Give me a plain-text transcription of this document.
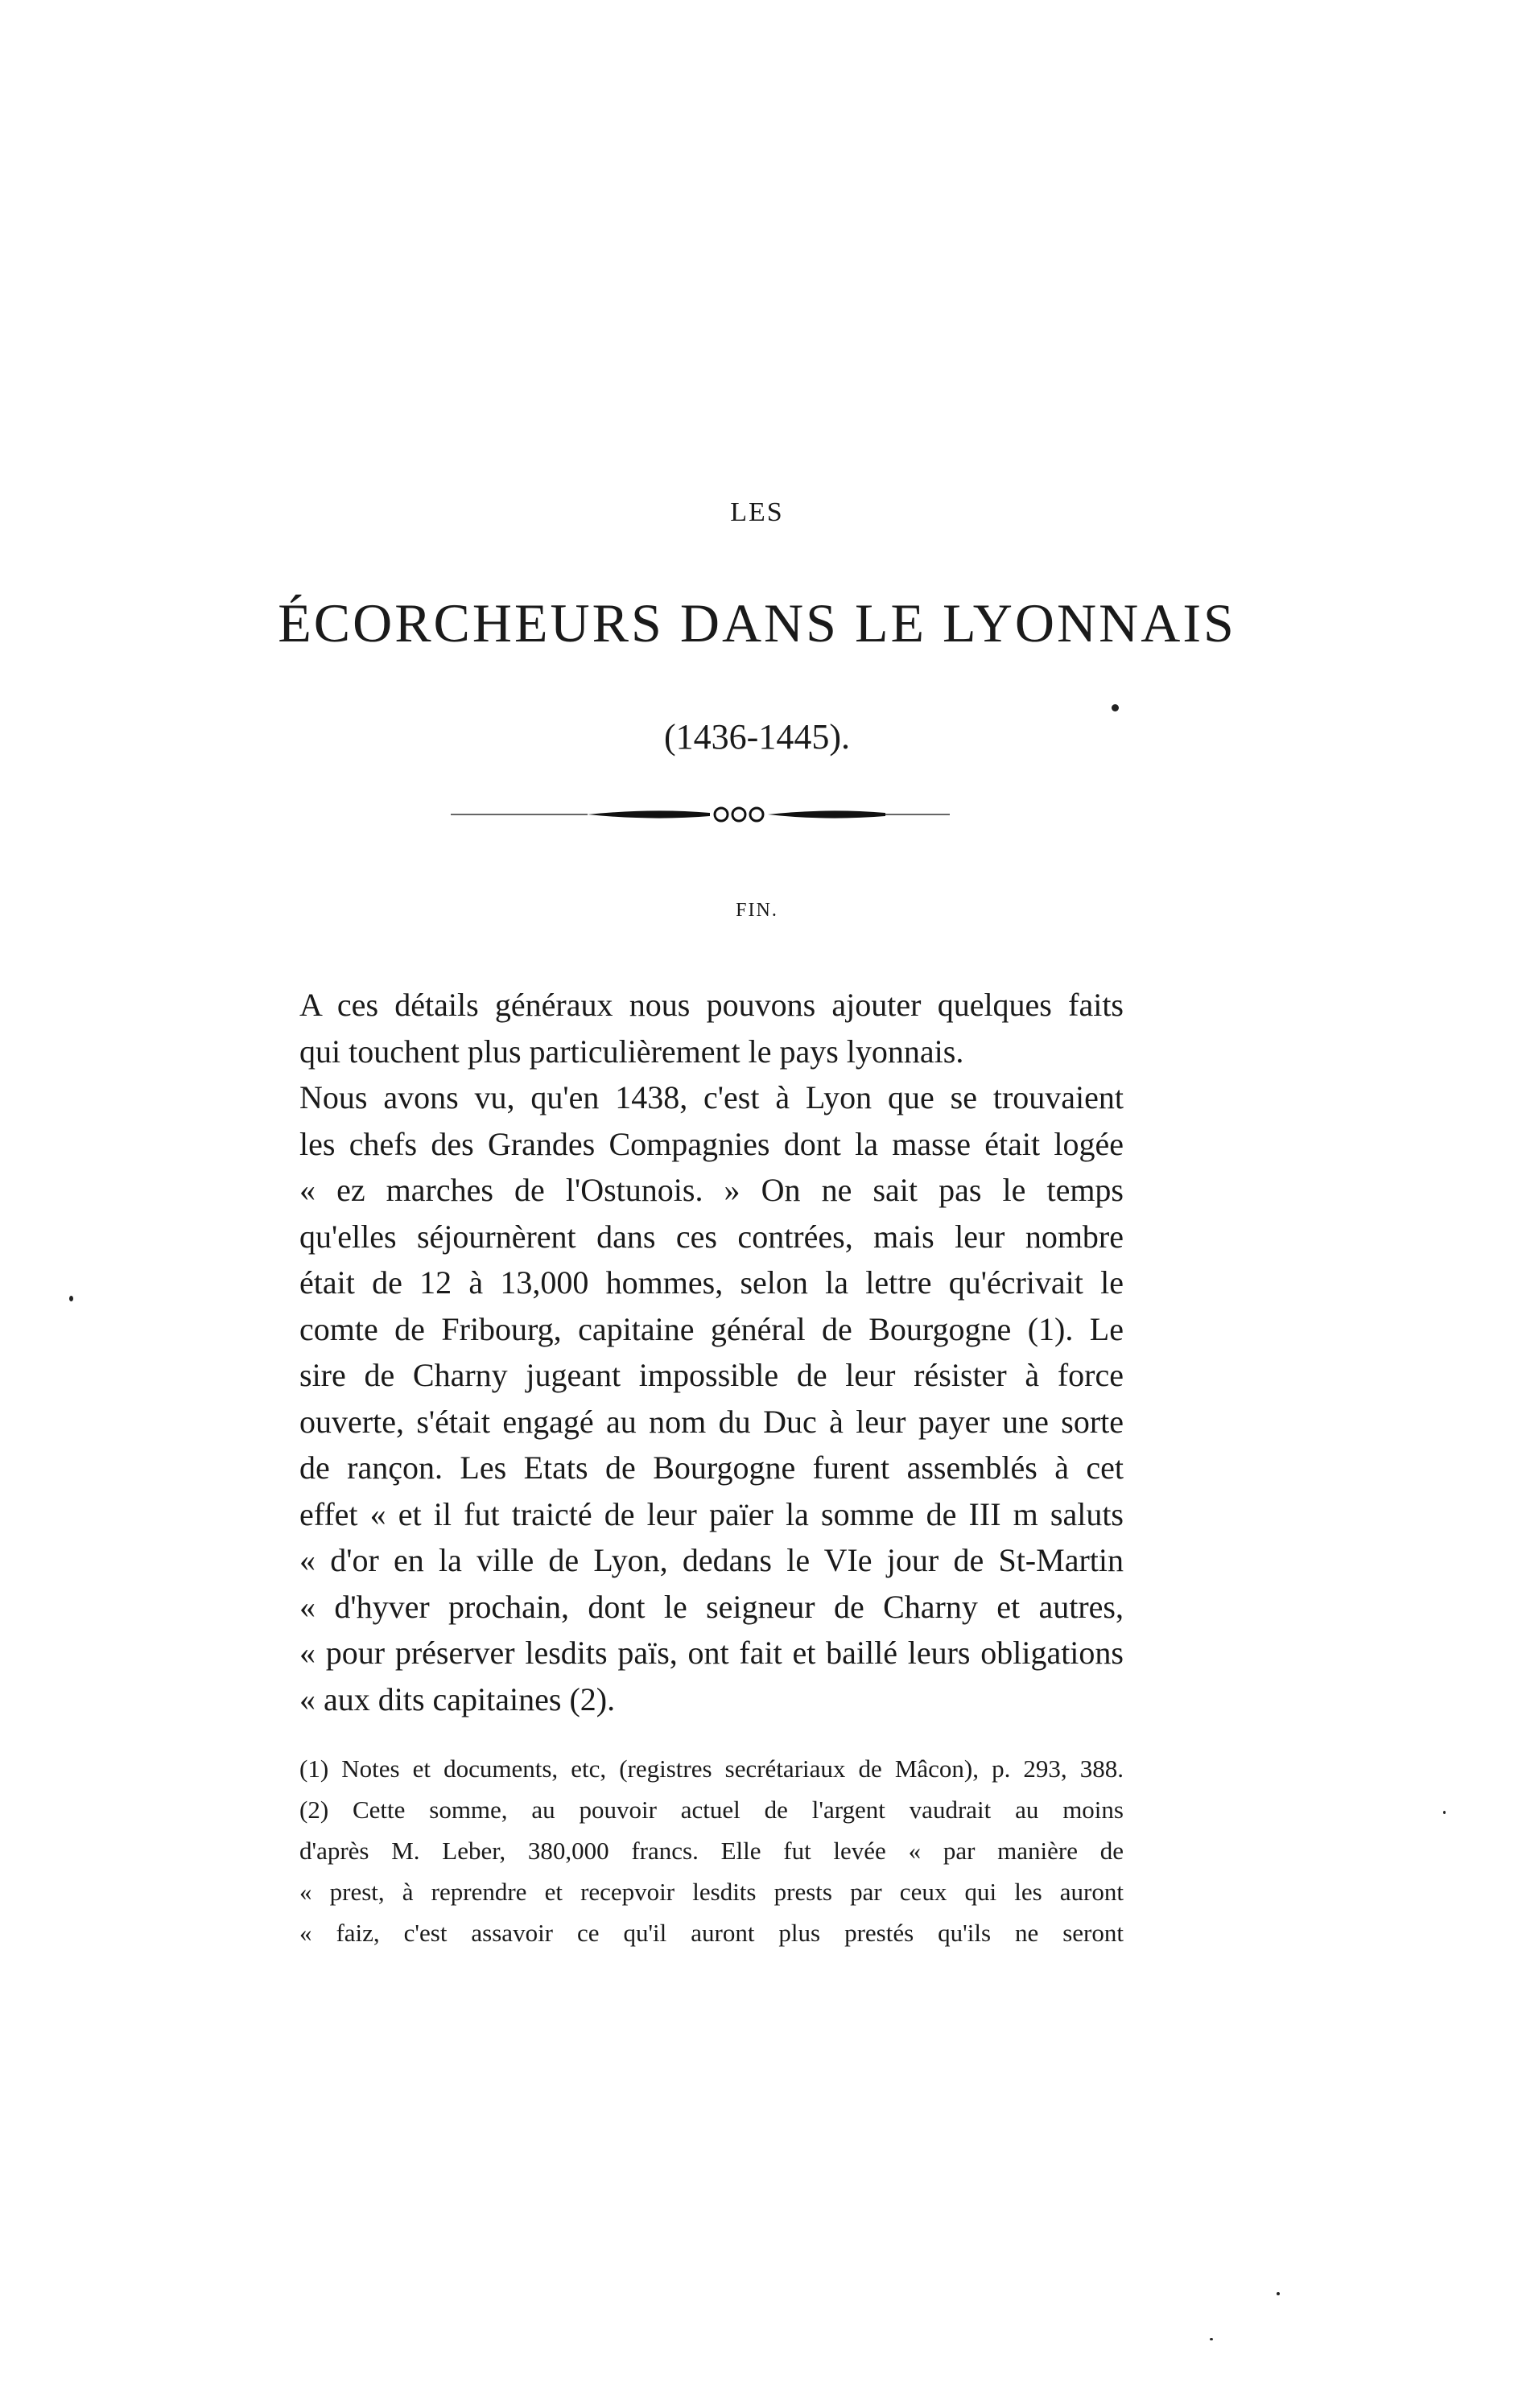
LES
ÉCORCHEURS DANS LE LYONNAIS
(1436-1445).
FIN.
A ces détails généraux nous pouvons ajouter quelques faits
qui touchent plus particulièrement le pays lyonnais.
Nous avons vu, qu'en 1438, c'est à Lyon que se trouvaient
les chefs des Grandes Compagnies dont la masse était logée
« ez marches de l'Ostunois. » On ne sait pas le temps
qu'elles séjournèrent dans ces contrées, mais leur nombre
était de 12 à 13,000 hommes, selon la lettre qu'écrivait le
comte de Fribourg, capitaine général de Bourgogne (1). Le
sire de Charny jugeant impossible de leur résister à force
ouverte, s'était engagé au nom du Duc à leur payer une sorte
de rançon. Les Etats de Bourgogne furent assemblés à cet
effet « et il fut traicté de leur païer la somme de III m saluts
« d'or en la ville de Lyon, dedans le VIe jour de St-Martin
« d'hyver prochain, dont le seigneur de Charny et autres,
« pour préserver lesdits païs, ont fait et baillé leurs obligations
« aux dits capitaines (2).
(1) Notes et documents, etc, (registres secrétariaux de Mâcon), p. 293, 388.
(2) Cette somme, au pouvoir actuel de l'argent vaudrait au moins
d'après M. Leber, 380,000 francs. Elle fut levée « par manière de
« prest, à reprendre et recepvoir lesdits prests par ceux qui les auront
« faiz, c'est assavoir ce qu'il auront plus prestés qu'ils ne seront
